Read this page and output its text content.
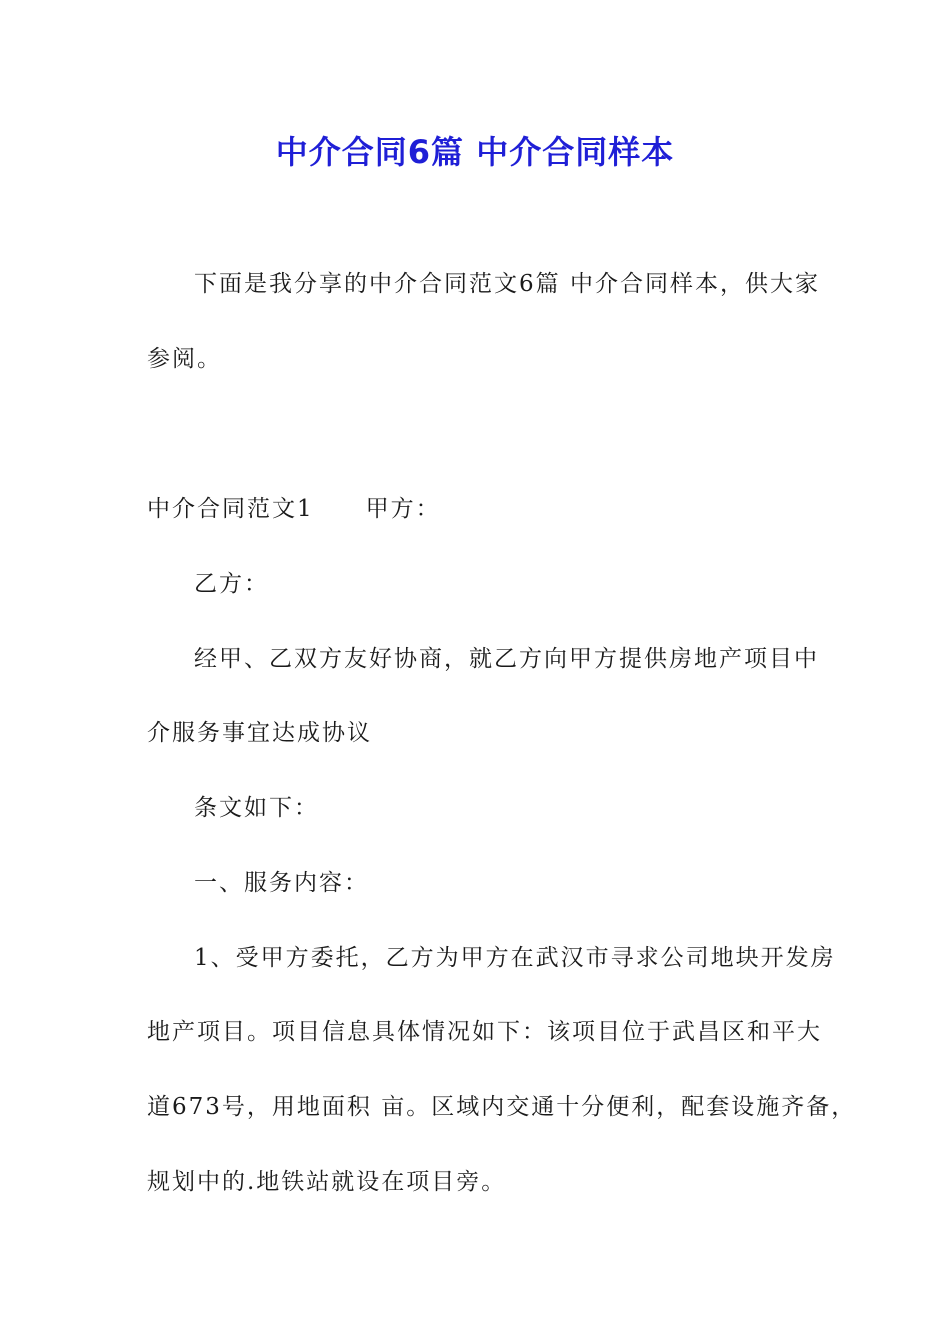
中介合同6篇 中介合同样本
下面是我分享的中介合同范文6篇 中介合同样本，供大家
参阅。
中介合同范文1 甲方：
乙方：
经甲、乙双方友好协商，就乙方向甲方提供房地产项目中
介服务事宜达成协议
条文如下：
一、服务内容：
1、受甲方委托，乙方为甲方在武汉市寻求公司地块开发房
地产项目。项目信息具体情况如下：该项目位于武昌区和平大
道673号，用地面积 亩。区域内交通十分便利，配套设施齐备，
规划中的.地铁站就设在项目旁。
